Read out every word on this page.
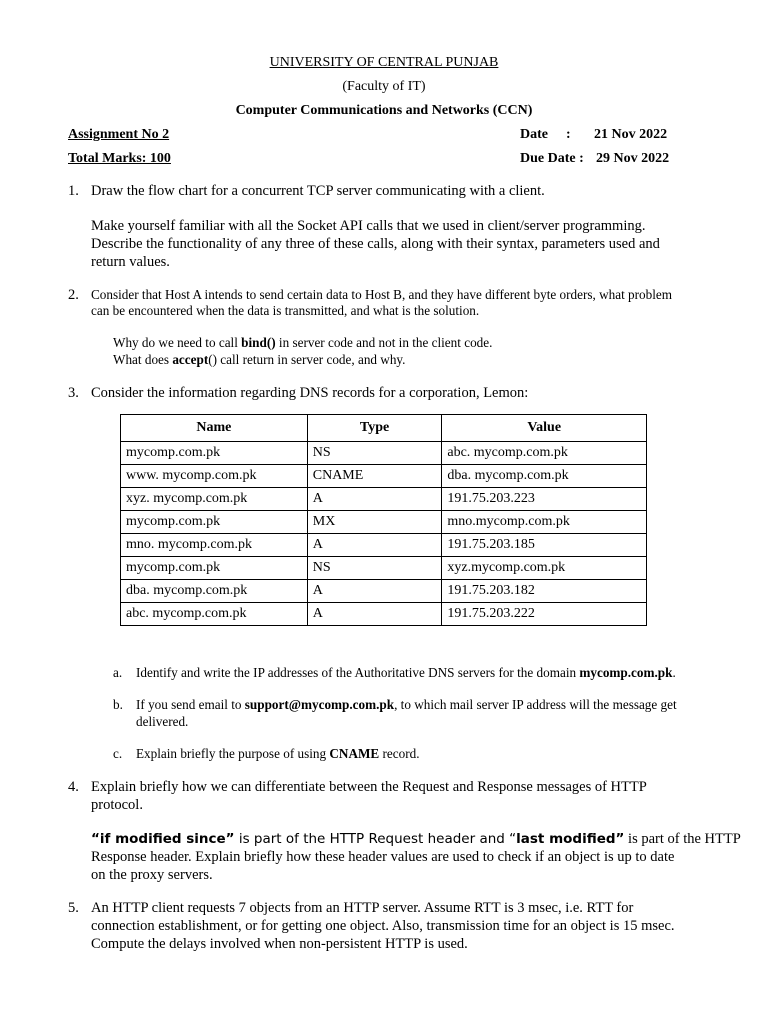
UNIVERSITY OF CENTRAL PUNJAB
(Faculty of IT)
Computer Communications and Networks (CCN)
Assignment No 2	Date : 21 Nov 2022
Total Marks: 100	Due Date : 29 Nov 2022
1. Draw the flow chart for a concurrent TCP server communicating with a client.
Make yourself familiar with all the Socket API calls that we used in client/server programming.
Describe the functionality of any three of these calls, along with their syntax, parameters used and
return values.
2. Consider that Host A intends to send certain data to Host B, and they have different byte orders, what problem
can be encountered when the data is transmitted, and what is the solution.
Why do we need to call bind() in server code and not in the client code.
What does accept() call return in server code, and why.
3. Consider the information regarding DNS records for a corporation, Lemon:
Name	Type	Value
mycomp.com.pk	NS	abc. mycomp.com.pk
www. mycomp.com.pk	CNAME	dba. mycomp.com.pk
xyz. mycomp.com.pk	A	191.75.203.223
mycomp.com.pk	MX	mno.mycomp.com.pk
mno. mycomp.com.pk	A	191.75.203.185
mycomp.com.pk	NS	xyz.mycomp.com.pk
dba. mycomp.com.pk	A	191.75.203.182
abc. mycomp.com.pk	A	191.75.203.222
a. Identify and write the IP addresses of the Authoritative DNS servers for the domain mycomp.com.pk.
b. If you send email to support@mycomp.com.pk, to which mail server IP address will the message get
delivered.
c. Explain briefly the purpose of using CNAME record.
4. Explain briefly how we can differentiate between the Request and Response messages of HTTP
protocol.
“if modified since” is part of the HTTP Request header and “last modified” is part of the HTTP
Response header. Explain briefly how these header values are used to check if an object is up to date
on the proxy servers.
5. An HTTP client requests 7 objects from an HTTP server. Assume RTT is 3 msec, i.e. RTT for
connection establishment, or for getting one object. Also, transmission time for an object is 15 msec.
Compute the delays involved when non-persistent HTTP is used.
